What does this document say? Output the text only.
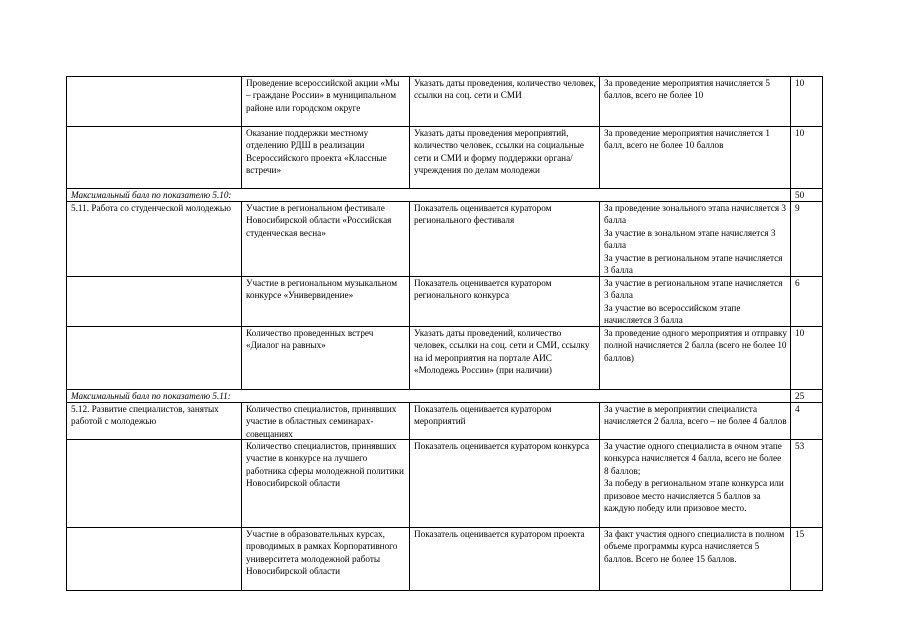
	Проведение всероссийской акции «Мы – граждане России» в муниципальном районе или городском округе	Указать даты проведения, количество человек, ссылки на соц. сети и СМИ	За проведение мероприятия начисляется 5 баллов, всего не более 10	10

	Оказание поддержки местному отделению РДШ в реализации Всероссийского проекта «Классные встречи»	Указать даты проведения мероприятий, количество человек, ссылки на социальные сети и СМИ и форму поддержки органа/учреждения по делам молодежи	За проведение мероприятия начисляется 1 балл, всего не более 10 баллов	10

Максимальный балл по показателю 5.10:				50

5.11. Работа со студенческой молодежью	Участие в региональном фестивале Новосибирской области «Российская студенческая весна»	Показатель оценивается куратором регионального фестиваля	За проведение зонального этапа начисляется 3 балла
За участие в зональном этапе начисляется 3 балла
За участие в региональном этапе начисляется 3 балла	9

	Участие в региональном музыкальном конкурсе «Универвидение»	Показатель оценивается куратором регионального конкурса	За участие в региональном этапе начисляется 3 балла
За участие во всероссийском этапе начисляется 3 балла	6

	Количество проведенных встреч «Диалог на равных»	Указать даты проведений, количество человек, ссылки на соц. сети и СМИ, ссылку на id мероприятия на портале АИС «Молодежь России» (при наличии)	За проведение одного мероприятия и отправку полной начисляется 2 балла (всего не более 10 баллов)	10

Максимальный балл по показателю 5.11:				25

5.12. Развитие специалистов, занятых работой с молодежью	Количество специалистов, принявших участие в областных семинарах-совещаниях	Показатель оценивается куратором мероприятий	За участие в мероприятии специалиста начисляется 2 балла, всего – не более 4 баллов	4

	Количество специалистов, принявших участие в конкурсе на лучшего работника сферы молодежной политики Новосибирской области	Показатель оценивается куратором конкурса	За участие одного специалиста в очном этапе конкурса начисляется 4 балла, всего не более 8 баллов;
За победу в региональном этапе конкурса или призовое место начисляется 5 баллов за каждую победу или призовое место.	53

	Участие в образовательных курсах, проводимых в рамках Корпоративного университета молодежной работы Новосибирской области	Показатель оценивается куратором проекта	За факт участия одного специалиста в полном объеме программы курса начисляется 5 баллов. Всего не более 15 баллов.	15
